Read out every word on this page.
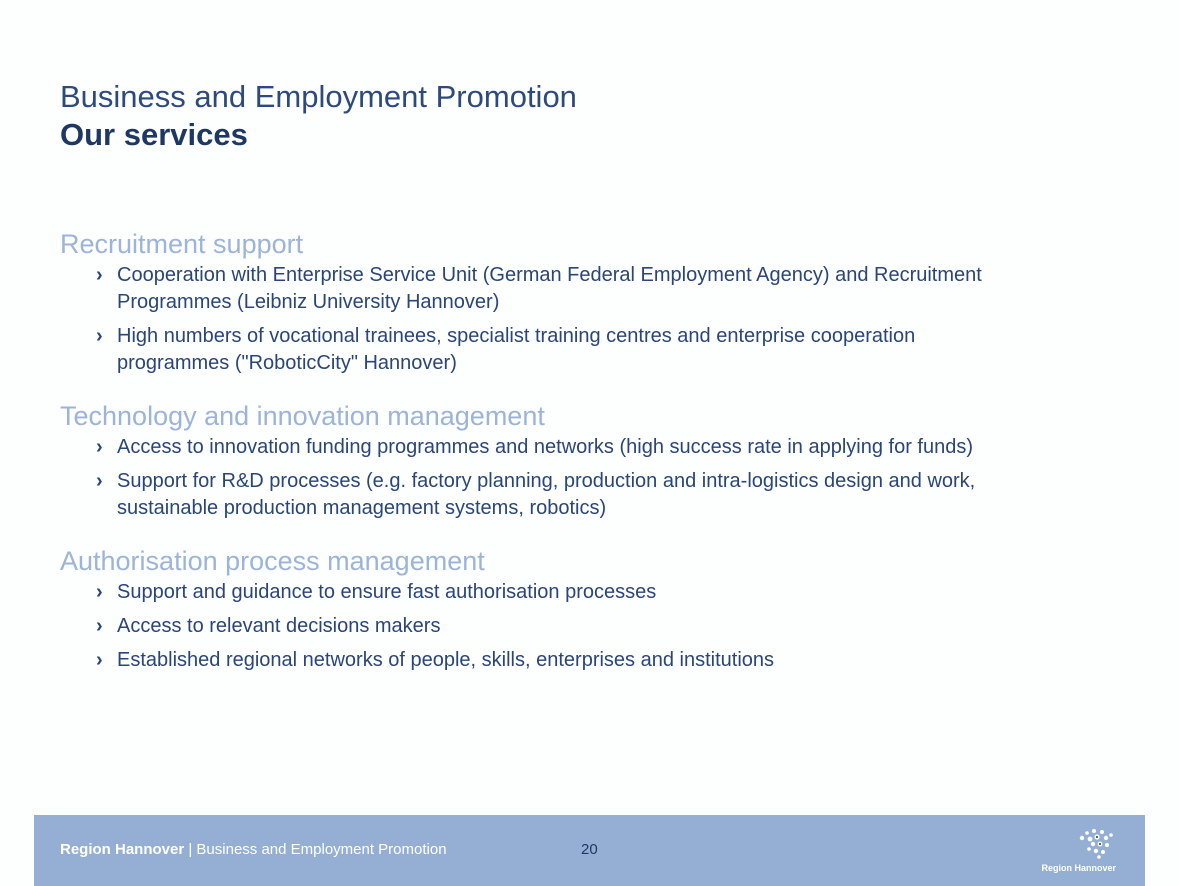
Business and Employment Promotion
Our services
Recruitment support
› Cooperation with Enterprise Service Unit (German Federal Employment Agency) and Recruitment Programmes (Leibniz University Hannover)
› High numbers of vocational trainees, specialist training centres and enterprise cooperation programmes ("RoboticCity" Hannover)
Technology and innovation management
› Access to innovation funding programmes and networks (high success rate in applying for funds)
› Support for R&D processes (e.g. factory planning, production and intra-logistics design and work, sustainable production management systems, robotics)
Authorisation process management
› Support and guidance to ensure fast authorisation processes
› Access to relevant decisions makers
› Established regional networks of people, skills, enterprises and institutions
Region Hannover | Business and Employment Promotion	20
Region Hannover
